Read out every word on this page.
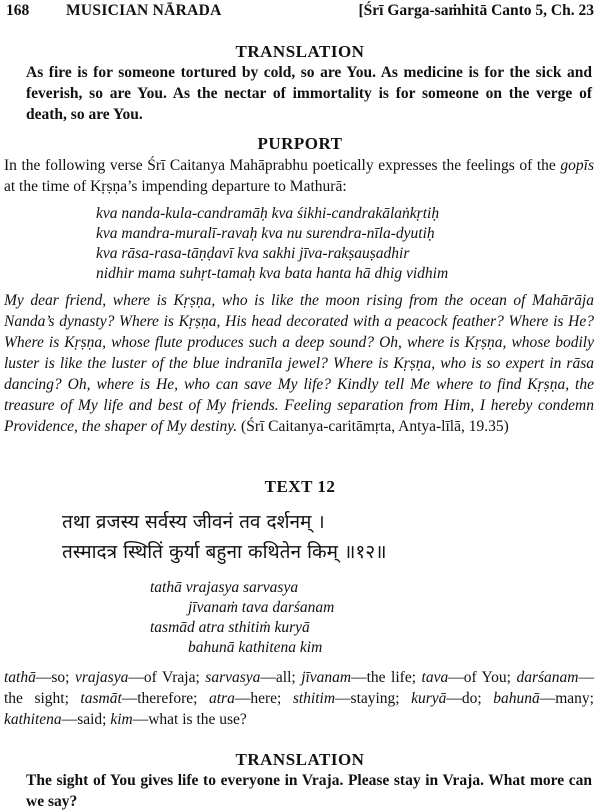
168 MUSICIAN NĀRADA	[Śrī Garga-saṁhitā Canto 5, Ch. 23
TRANSLATION
As fire is for someone tortured by cold, so are You. As medicine is for the sick and feverish, so are You. As the nectar of immortality is for someone on the verge of death, so are You.
PURPORT
In the following verse Śrī Caitanya Mahāprabhu poetically expresses the feelings of the gopīs at the time of Kṛṣṇa’s impending departure to Mathurā:
kva nanda-kula-candramāḥ kva śikhi-candrakālaṅkṛtiḥ
kva mandra-muralī-ravaḥ kva nu surendra-nīla-dyutiḥ
kva rāsa-rasa-tāṇḍavī kva sakhi jīva-rakṣauṣadhir
nidhir mama suhṛt-tamaḥ kva bata hanta hā dhig vidhim
My dear friend, where is Kṛṣṇa, who is like the moon rising from the ocean of Mahārāja Nanda’s dynasty? Where is Kṛṣṇa, His head decorated with a peacock feather? Where is He? Where is Kṛṣṇa, whose flute produces such a deep sound? Oh, where is Kṛṣṇa, whose bodily luster is like the luster of the blue indranīla jewel? Where is Kṛṣṇa, who is so expert in rāsa dancing? Oh, where is He, who can save My life? Kindly tell Me where to find Kṛṣṇa, the treasure of My life and best of My friends. Feeling separation from Him, I hereby condemn Providence, the shaper of My destiny. (Śrī Caitanya-caritāmṛta, Antya-līlā, 19.35)
TEXT 12
तथा व्रजस्य सर्वस्य जीवनं तव दर्शनम् ।
तस्मादत्र स्थितिं कुर्या बहुना कथितेन किम् ॥१२॥
tathā vrajasya sarvasya
jīvanaṁ tava darśanam
tasmād atra sthitiṁ kuryā
bahunā kathitena kim
tathā—so; vrajasya—of Vraja; sarvasya—all; jīvanam—the life; tava—of You; darśanam—the sight; tasmāt—therefore; atra—here; sthitim—staying; kuryā—do; bahunā—many; kathitena—said; kim—what is the use?
TRANSLATION
The sight of You gives life to everyone in Vraja. Please stay in Vraja. What more can we say?
